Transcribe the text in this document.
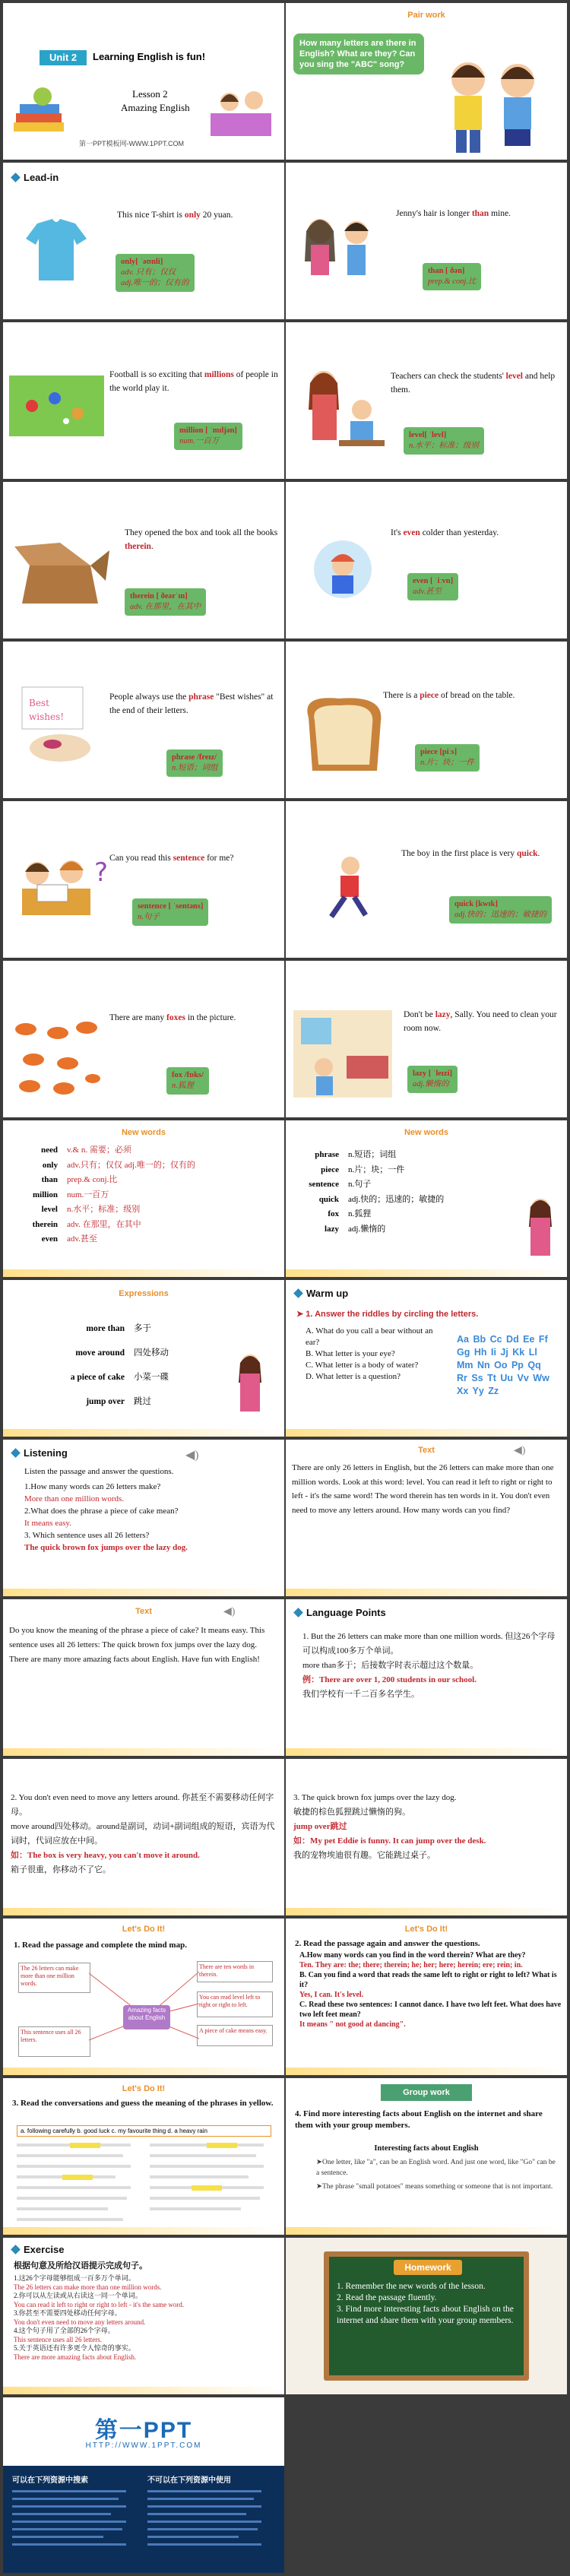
Unit 2	Learning English is fun!
Lesson 2
Amazing English
第一PPT模板网-WWW.1PPT.COM
Pair work
How many letters are there in English? What are they? Can you sing the "ABC" song?
Lead-in
This nice T-shirt is only 20 yuan.
only[ ˈəʊnli]
adv. 只有；仅仅
adj.唯一的；仅有的
Jenny's hair is longer than mine.
than [ ðən]
prep.& conj.比
Football is so exciting that millions of people in the world play it.
million [ ˈmɪljən]
num.一百万
Teachers can check the students' level and help them.
level[ ˈlevl]
n.水平；标准；级别
They opened the box and took all the books therein.
therein [ ðeərˈɪn]
adv. 在那里，在其中
It's even colder than yesterday.
even [ ˈiːvn]
adv.甚至
Best
wishes!
People always use the phrase "Best wishes" at the end of their letters.
phrase /freɪz/
n.短语；词组
There is a piece of bread on the table.
piece [piːs]
n.片；块；一件
? Can you read this sentence for me?
sentence [ ˈsentəns]
n.句子
The boy in the first place is very quick.
quick [kwɪk]
adj.快的；迅速的；敏捷的
There are many foxes in the picture.
fox /fɒks/
n.狐狸
Don't be lazy, Sally. You need to clean your room now.
lazy [ ˈleɪzi]
adj.懒惰的
New words
need v.& n. 需要；必须
only adv.只有；仅仅 adj.唯一的；仅有的
than prep.& conj.比
million num.一百万
level n.水平；标准；级别
therein adv. 在那里，在其中
even adv.甚至
New words
phrase n.短语；词组
piece n.片；块；一件
sentence n.句子
quick adj.快的；迅速的；敏捷的
fox n.狐狸
lazy adj.懒惰的
Expressions
more than 多于
move around 四处移动
a piece of cake 小菜一碟
jump over 跳过
Warm up
➤ 1. Answer the riddles by circling the letters.
A. What do you call a bear without an ear?
B. What letter is your eye?
C. What letter is a body of water?
D. What letter is a question?
Aa Bb Cc Dd Ee Ff Gg Hh Ii Jj Kk Ll Mm Nn Oo Pp Qq Rr Ss Tt Uu Vv Ww Xx Yy Zz
Listening	◀)
Listen the passage and answer the questions.
1.How many words can 26 letters make?
More than one million words.
2.What does the phrase a piece of cake mean?
It means easy.
3. Which sentence uses all 26 letters?
The quick brown fox jumps over the lazy dog.
Text	◀)
There are only 26 letters in English, but the 26 letters can make more than one million words. Look at this word: level. You can read it left to right or right to left - it's the same word! The word therein has ten words in it. You don't even need to move any letters around. How many words can you find?
Text	◀)
Do you know the meaning of the phrase a piece of cake? It means easy. This sentence uses all 26 letters: The quick brown fox jumps over the lazy dog. There are many more amazing facts about English. Have fun with English!
Language Points
1. But the 26 letters can make more than one million words. 但这26个字母可以构成100多万个单词。
more than多于；后接数字时表示超过这个数量。
例：There are over 1, 200 students in our school.
我们学校有一千二百多名学生。
2. You don't even need to move any letters around. 你甚至不需要移动任何字母。
move around四处移动。around是副词，动词+副词组成的短语，宾语为代词时，代词应放在中间。
如：The box is very heavy, you can't move it around.
箱子很重，你移动不了它。
3. The quick brown fox jumps over the lazy dog.
敏捷的棕色狐狸跳过懒惰的狗。
jump over跳过
如：My pet Eddie is funny. It can jump over the desk.
我的宠物埃迪很有趣。它能跳过桌子。
Let's Do It!
1. Read the passage and complete the mind map.
Amazing facts about English
The 26 letters can make more than one million words.
This sentence uses all 26 letters.
There are ten words in therein.
You can read level left to right or right to left.
A piece of cake means easy.
Let's Do It!
2. Read the passage again and answer the questions.
A.How many words can you find in the word therein? What are they?
Ten. They are: the; there; therein; he; her; here; herein; ere; rein; in.
B. Can you find a word that reads the same left to right or right to left? What is it?
Yes, I can. It's level.
C. Read these two sentences: I cannot dance. I have two left feet. What does have two left feet mean?
It means " not good at dancing".
Let's Do It!
3. Read the conversations and guess the meaning of the phrases in yellow.
a. following carefully b. good luck c. my favourite thing d. a heavy rain
Group work
4. Find more interesting facts about English on the internet and share them with your group members.
Interesting facts about English
➤One letter, like "a", can be an English word. And just one word, like "Go" can be a sentence.
➤The phrase "small potatoes" means something or someone that is not important.
Exercise
根据句意及所给汉语提示完成句子。
1.这26个字母能够组成一百多万个单词。
The 26 letters can make more than one million words.
2.你可以从左读或从右读这一同一个单词。
You can read it left to right or right to left - it's the same word.
3.你甚至不需要四处移动任何字母。
You don't even need to move any letters around.
4.这个句子用了全部的26个字母。
This sentence uses all 26 letters.
5.关于英语还有许多更令人惊奇的事实。
There are more amazing facts about English.
Homework
1. Remember the new words of the lesson.
2. Read the passage fluently.
3. Find more interesting facts about English on the internet and share them with your group members.
第一PPT
HTTP://WWW.1PPT.COM
可以在下列资源中搜索	不可以在下列资源中使用
